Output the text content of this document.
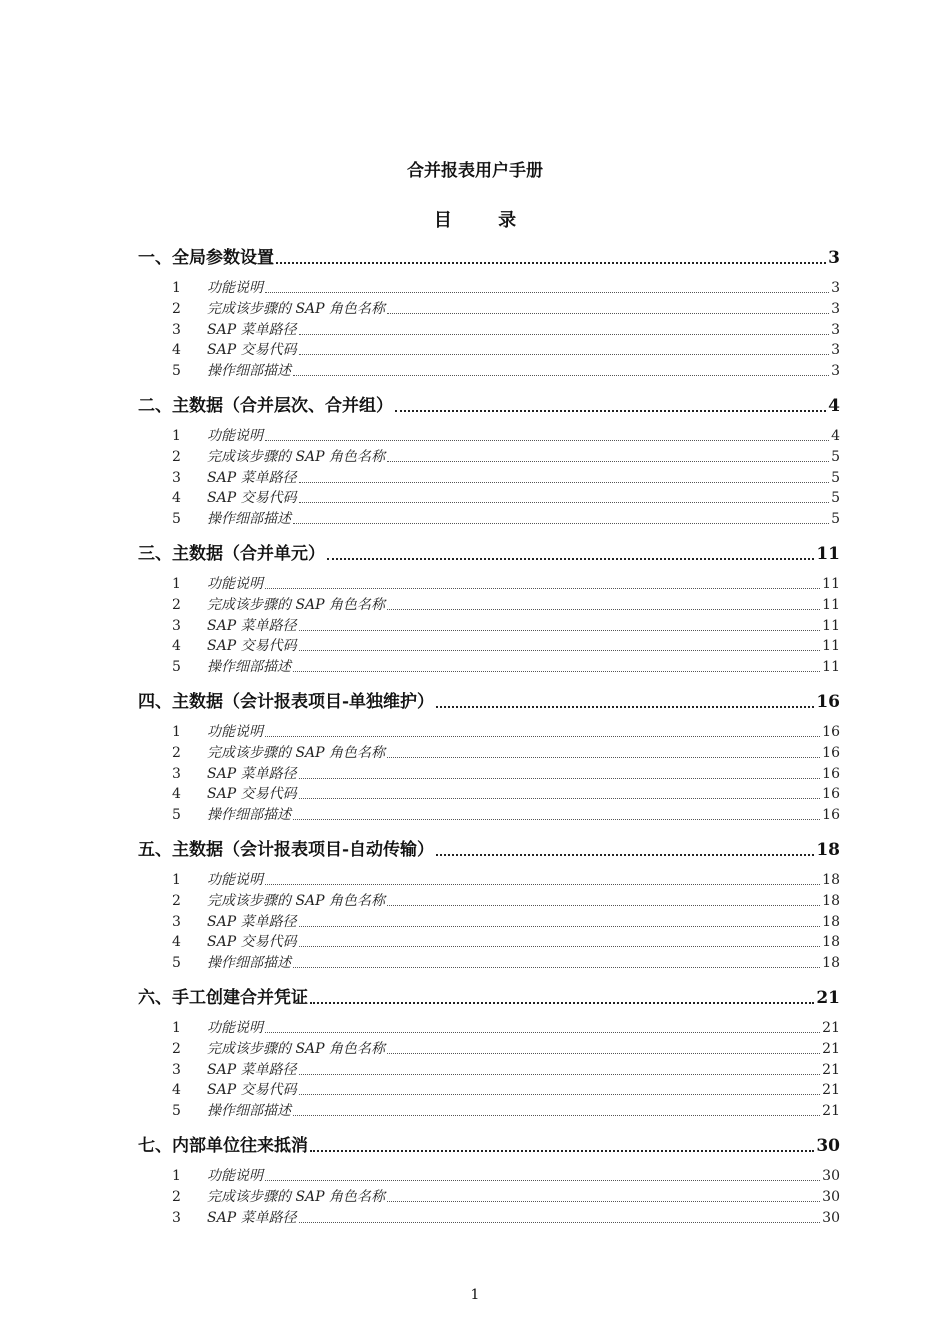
合并报表用户手册
目	录
一、全局参数设置	3
1	功能说明	3
2	完成该步骤的 SAP 角色名称	3
3	SAP 菜单路径	3
4	SAP 交易代码	3
5	操作细部描述	3
二、主数据（合并层次、合并组）	4
1	功能说明	4
2	完成该步骤的 SAP 角色名称	5
3	SAP 菜单路径	5
4	SAP 交易代码	5
5	操作细部描述	5
三、主数据（合并单元）	11
1	功能说明	11
2	完成该步骤的 SAP 角色名称	11
3	SAP 菜单路径	11
4	SAP 交易代码	11
5	操作细部描述	11
四、主数据（会计报表项目-单独维护）	16
1	功能说明	16
2	完成该步骤的 SAP 角色名称	16
3	SAP 菜单路径	16
4	SAP 交易代码	16
5	操作细部描述	16
五、主数据（会计报表项目-自动传输）	18
1	功能说明	18
2	完成该步骤的 SAP 角色名称	18
3	SAP 菜单路径	18
4	SAP 交易代码	18
5	操作细部描述	18
六、手工创建合并凭证	21
1	功能说明	21
2	完成该步骤的 SAP 角色名称	21
3	SAP 菜单路径	21
4	SAP 交易代码	21
5	操作细部描述	21
七、内部单位往来抵消	30
1	功能说明	30
2	完成该步骤的 SAP 角色名称	30
3	SAP 菜单路径	30
1
